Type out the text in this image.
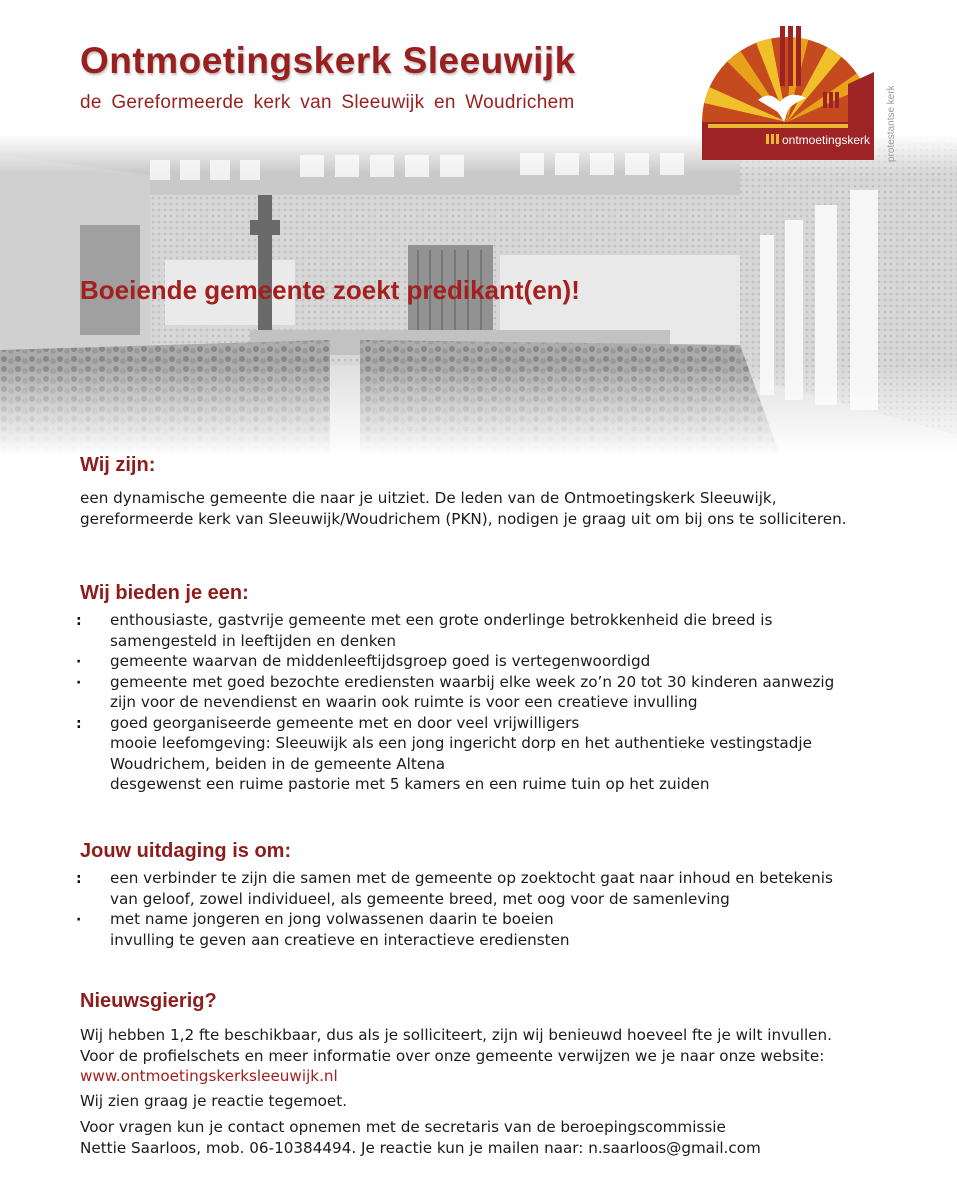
Ontmoetingskerk Sleeuwijk

de Gereformeerde kerk van Sleeuwijk en Woudrichem

ontmoetingskerk protestantse kerk
Boeiende gemeente zoekt predikant(en)!
Wij zijn:

een dynamische gemeente die naar je uitziet. De leden van de Ontmoetingskerk Sleeuwijk, gereformeerde kerk van Sleeuwijk/Woudrichem (PKN), nodigen je graag uit om bij ons te solliciteren.

Wij bieden je een:
: enthousiaste, gastvrije gemeente met een grote onderlinge betrokkenheid die breed is samengesteld in leeftijden en denken
· gemeente waarvan de middenleeftijdsgroep goed is vertegenwoordigd
· gemeente met goed bezochte erediensten waarbij elke week zo’n 20 tot 30 kinderen aanwezig zijn voor de nevendienst en waarin ook ruimte is voor een creatieve invulling
: goed georganiseerde gemeente met en door veel vrijwilligers
mooie leefomgeving: Sleeuwijk als een jong ingericht dorp en het authentieke vestingstadje Woudrichem, beiden in de gemeente Altena
desgewenst een ruime pastorie met 5 kamers en een ruime tuin op het zuiden
Jouw uitdaging is om:
: een verbinder te zijn die samen met de gemeente op zoektocht gaat naar inhoud en betekenis van geloof, zowel individueel, als gemeente breed, met oog voor de samenleving
· met name jongeren en jong volwassenen daarin te boeien
invulling te geven aan creatieve en interactieve erediensten
Nieuwsgierig?

Wij hebben 1,2 fte beschikbaar, dus als je solliciteert, zijn wij benieuwd hoeveel fte je wilt invullen.

Voor de profielschets en meer informatie over onze gemeente verwijzen we je naar onze website:

www.ontmoetingskerksleeuwijk.nl

Wij zien graag je reactie tegemoet.

Voor vragen kun je contact opnemen met de secretaris van de beroepingscommissie

Nettie Saarloos, mob. 06-10384494. Je reactie kun je mailen naar: n.saarloos@gmail.com
